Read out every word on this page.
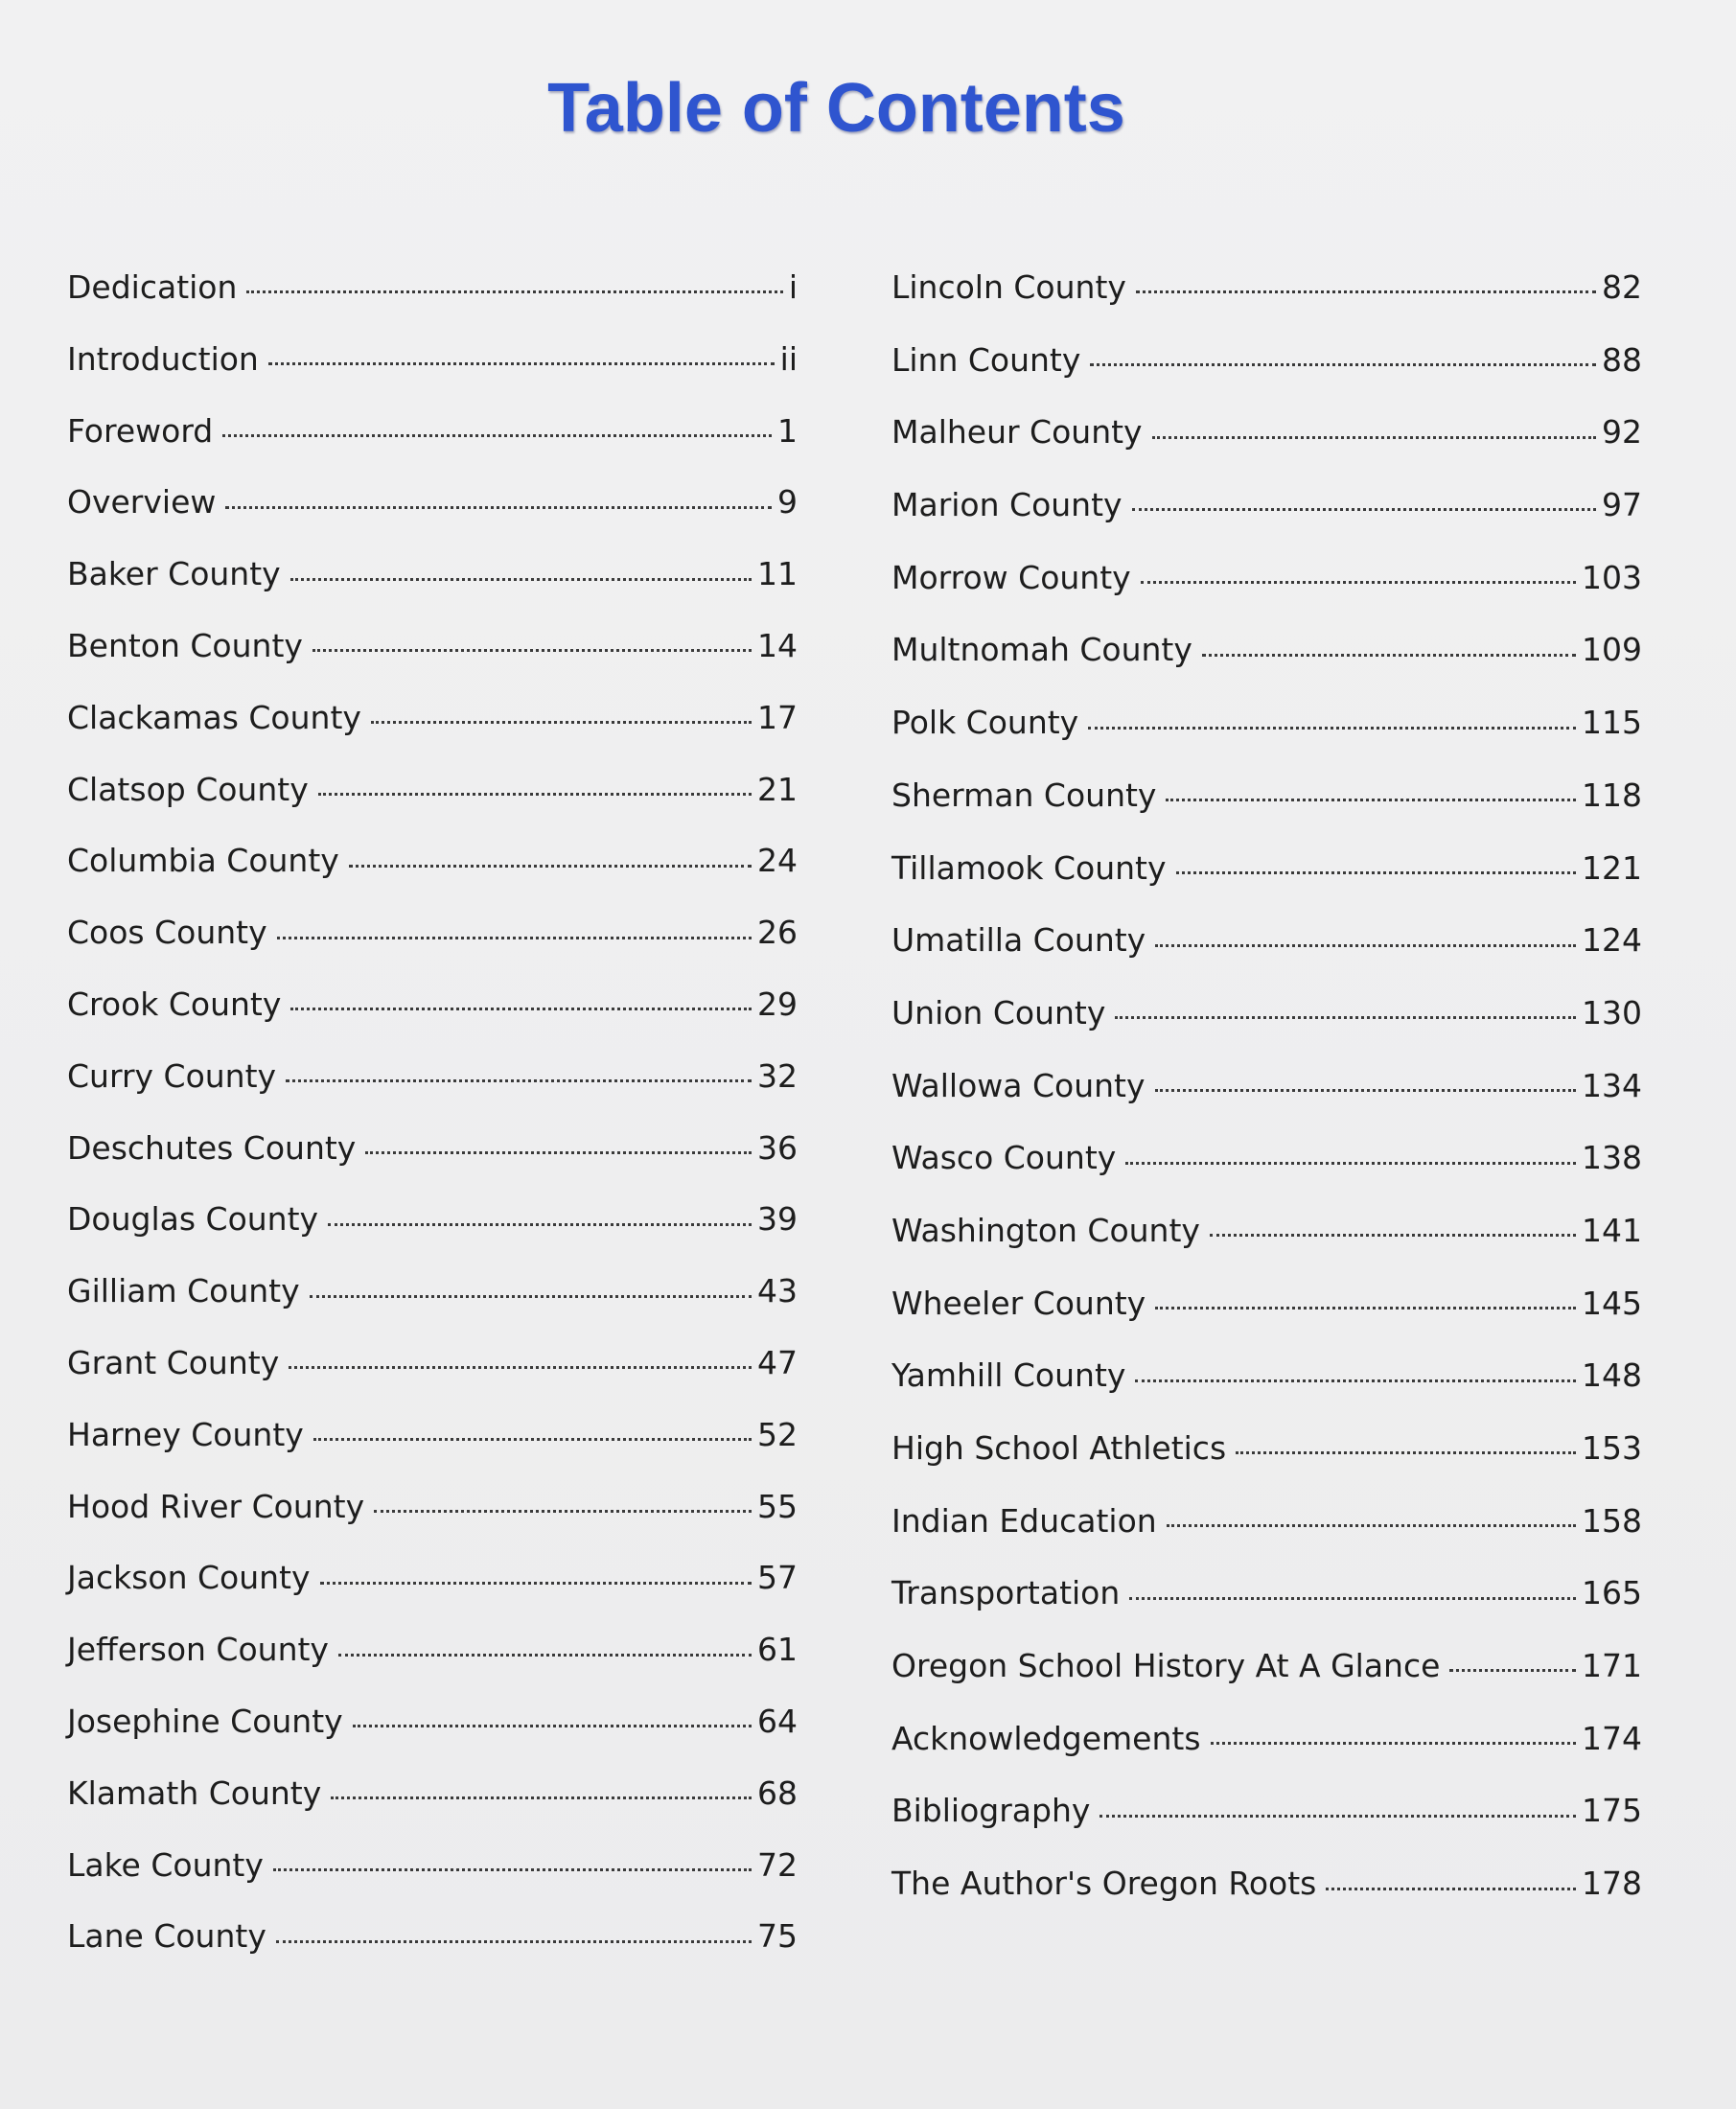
Table of Contents
Dedication	i
Introduction	ii
Foreword	1
Overview	9
Baker County	11
Benton County	14
Clackamas County	17
Clatsop County	21
Columbia County	24
Coos County	26
Crook County	29
Curry County	32
Deschutes County	36
Douglas County	39
Gilliam County	43
Grant County	47
Harney County	52
Hood River County	55
Jackson County	57
Jefferson County	61
Josephine County	64
Klamath County	68
Lake County	72
Lane County	75
Lincoln County	82
Linn County	88
Malheur County	92
Marion County	97
Morrow County	103
Multnomah County	109
Polk County	115
Sherman County	118
Tillamook County	121
Umatilla County	124
Union County	130
Wallowa County	134
Wasco County	138
Washington County	141
Wheeler County	145
Yamhill County	148
High School Athletics	153
Indian Education	158
Transportation	165
Oregon School History At A Glance	171
Acknowledgements	174
Bibliography	175
The Author's Oregon Roots	178
